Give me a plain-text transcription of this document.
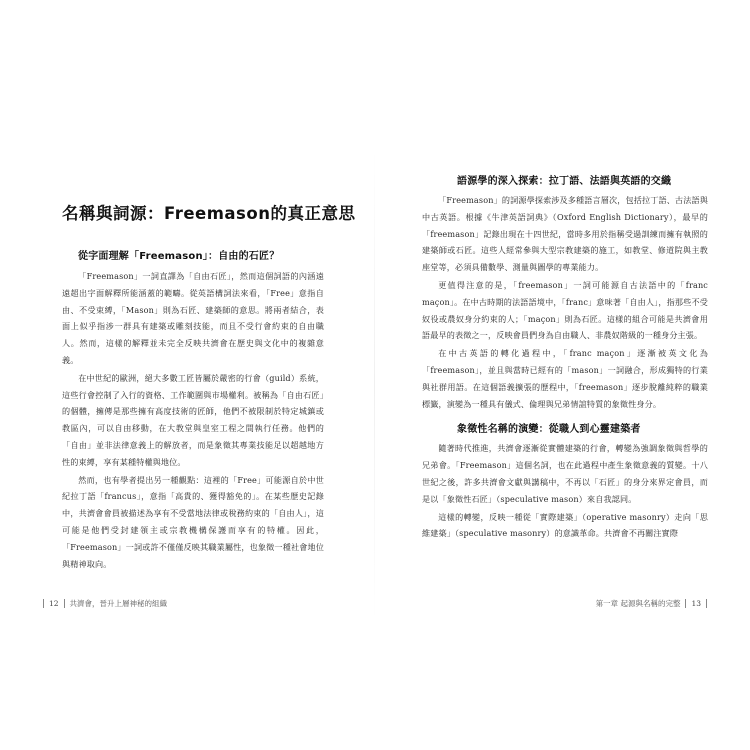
名稱與詞源：Freemason的真正意思
從字面理解「Freemason」：自由的石匠？

「Freemason」一詞直譯為「自由石匠」，然而這個詞語的內涵遠遠超出字面解釋所能涵蓋的範疇。從英語構詞法來看，「Free」意指自由、不受束縛，「Mason」則為石匠、建築師的意思。將兩者結合，表面上似乎指涉一群具有建築或雕刻技能，而且不受行會約束的自由職人。然而，這樣的解釋並未完全反映共濟會在歷史與文化中的複雜意義。

在中世紀的歐洲，絕大多數工匠皆屬於嚴密的行會（guild）系統，這些行會控制了入行的資格、工作範圍與市場權利。被稱為「自由石匠」的個體，擁傳是那些擁有高度技術的匠師，他們不被限制於特定城鎮或教區內，可以自由移動，在大教堂與皇室工程之間執行任務。他們的「自由」並非法律意義上的解放者，而是象徵其專業技能足以超越地方性的束縛，享有某種特權與地位。

然而，也有學者提出另一種觀點：這裡的「Free」可能源自於中世紀拉丁語「francus」，意指「高貴的、獲得豁免的」。在某些歷史記錄中，共濟會會員被描述為享有不受當地法律或稅務約束的「自由人」，這可能是他們受封建領主或宗教機構保護而享有的特權。因此，「Freemason」一詞或許不僅僅反映其職業屬性，也象徵一種社會地位與精神取向。

12 共濟會，晉升上層神秘的組織
語源學的深入探索：拉丁語、法語與英語的交織

「Freemason」的詞源學探索涉及多種語言層次，包括拉丁語、古法語與中古英語。根據《牛津英語詞典》（Oxford English Dictionary），最早的「freemason」記錄出現在十四世紀，當時多用於指稱受過訓練而擁有執照的建築師或石匠。這些人經常參與大型宗教建築的施工，如教堂、修道院與主教座堂等，必須具備數學、測量與圖學的專業能力。

更值得注意的是，「freemason」一詞可能源自古法語中的「franc maçon」。在中古時期的法語語境中，「franc」意味著「自由人」，指那些不受奴役或農奴身分約束的人；「maçon」則為石匠。這樣的組合可能是共濟會用語最早的表徵之一，反映會員們身為自由職人、非農奴階級的一種身分主張。

在中古英語的轉化過程中，「franc maçon」逐漸被英文化為「freemason」，並且與當時已經有的「mason」一詞融合，形成獨特的行業與社群用語。在這個語義擴張的歷程中，「freemason」逐步脫離純粹的職業標籤，演變為一種具有儀式、倫理與兄弟情誼特質的象徵性身分。

象徵性名稱的演變：從職人到心靈建築者

隨著時代推進，共濟會逐漸從實體建築的行會，轉變為強調象徵與哲學的兄弟會。「Freemason」這個名詞，也在此過程中產生象徵意義的質變。十八世紀之後，許多共濟會文獻與講稿中，不再以「石匠」的身分來界定會員，而是以「象徵性石匠」（speculative mason）來自我認同。

這樣的轉變，反映一種從「實際建築」（operative masonry）走向「思維建築」（speculative masonry）的意識革命。共濟會不再關注實際

第一章 起源與名稱的完整 13
